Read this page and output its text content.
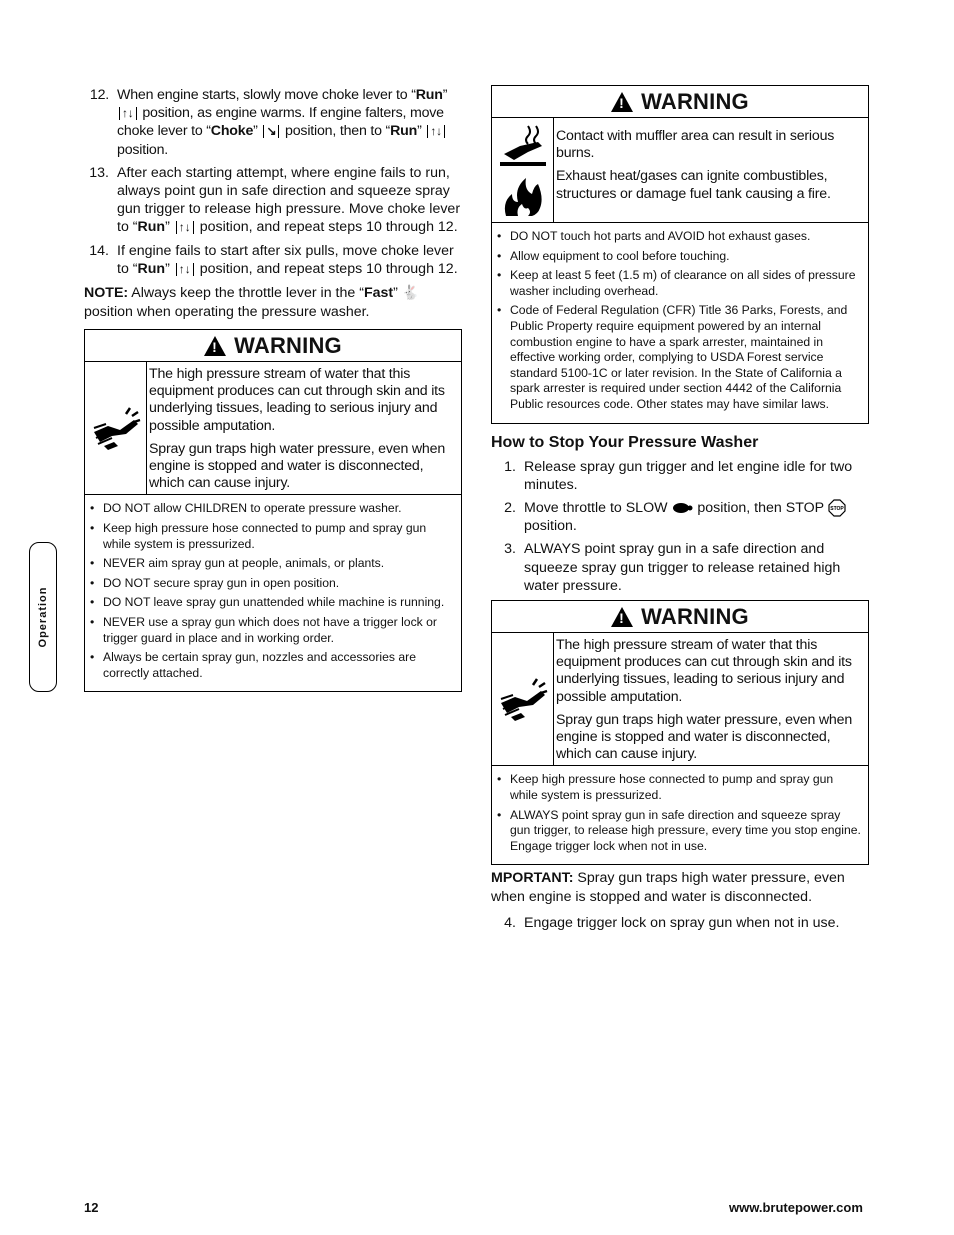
Operation
12. When engine starts, slowly move choke lever to “Run” ↑↓ position, as engine warms. If engine falters, move choke lever to “Choke” ↘ position, then to “Run” ↑↓ position.
13. After each starting attempt, where engine fails to run, always point gun in safe direction and squeeze spray gun trigger to release high pressure. Move choke lever to “Run” ↑↓ position, and repeat steps 10 through 12.
14. If engine fails to start after six pulls, move choke lever to “Run” ↑↓ position, and repeat steps 10 through 12.
NOTE: Always keep the throttle lever in the “Fast” 🐇 position when operating the pressure washer.
!
WARNING

The high pressure stream of water that this equipment produces can cut through skin and its underlying tissues, leading to serious injury and possible amputation.

Spray gun traps high water pressure, even when engine is stopped and water is disconnected, which can cause injury.

• DO NOT allow CHILDREN to operate pressure washer.
• Keep high pressure hose connected to pump and spray gun while system is pressurized.
• NEVER aim spray gun at people, animals, or plants.
• DO NOT secure spray gun in open position.
• DO NOT leave spray gun unattended while machine is running.
• NEVER use a spray gun which does not have a trigger lock or trigger guard in place and in working order.
• Always be certain spray gun, nozzles and accessories are correctly attached.
!
WARNING

Contact with muffler area can result in serious burns.

Exhaust heat/gases can ignite combustibles, structures or damage fuel tank causing a fire.

• DO NOT touch hot parts and AVOID hot exhaust gases.
• Allow equipment to cool before touching.
• Keep at least 5 feet (1.5 m) of clearance on all sides of pressure washer including overhead.
• Code of Federal Regulation (CFR) Title 36 Parks, Forests, and Public Property require equipment powered by an internal combustion engine to have a spark arrester, maintained in effective working order, complying to USDA Forest service standard 5100-1C or later revision. In the State of California a spark arrester is required under section 4442 of the California Public resources code. Other states may have similar laws.
How to Stop Your Pressure Washer
1. Release spray gun trigger and let engine idle for two minutes.
2. Move throttle to SLOW  position, then STOP STOP
position.
3. ALWAYS point spray gun in a safe direction and squeeze spray gun trigger to release retained high water pressure.
!
WARNING

The high pressure stream of water that this equipment produces can cut through skin and its underlying tissues, leading to serious injury and possible amputation.

Spray gun traps high water pressure, even when engine is stopped and water is disconnected, which can cause injury.

• Keep high pressure hose connected to pump and spray gun while system is pressurized.
• ALWAYS point spray gun in safe direction and squeeze spray gun trigger, to release high pressure, every time you stop engine. Engage trigger lock when not in use.
MPORTANT: Spray gun traps high water pressure, even when engine is stopped and water is disconnected.
4. Engage trigger lock on spray gun when not in use.
12	www.brutepower.com
